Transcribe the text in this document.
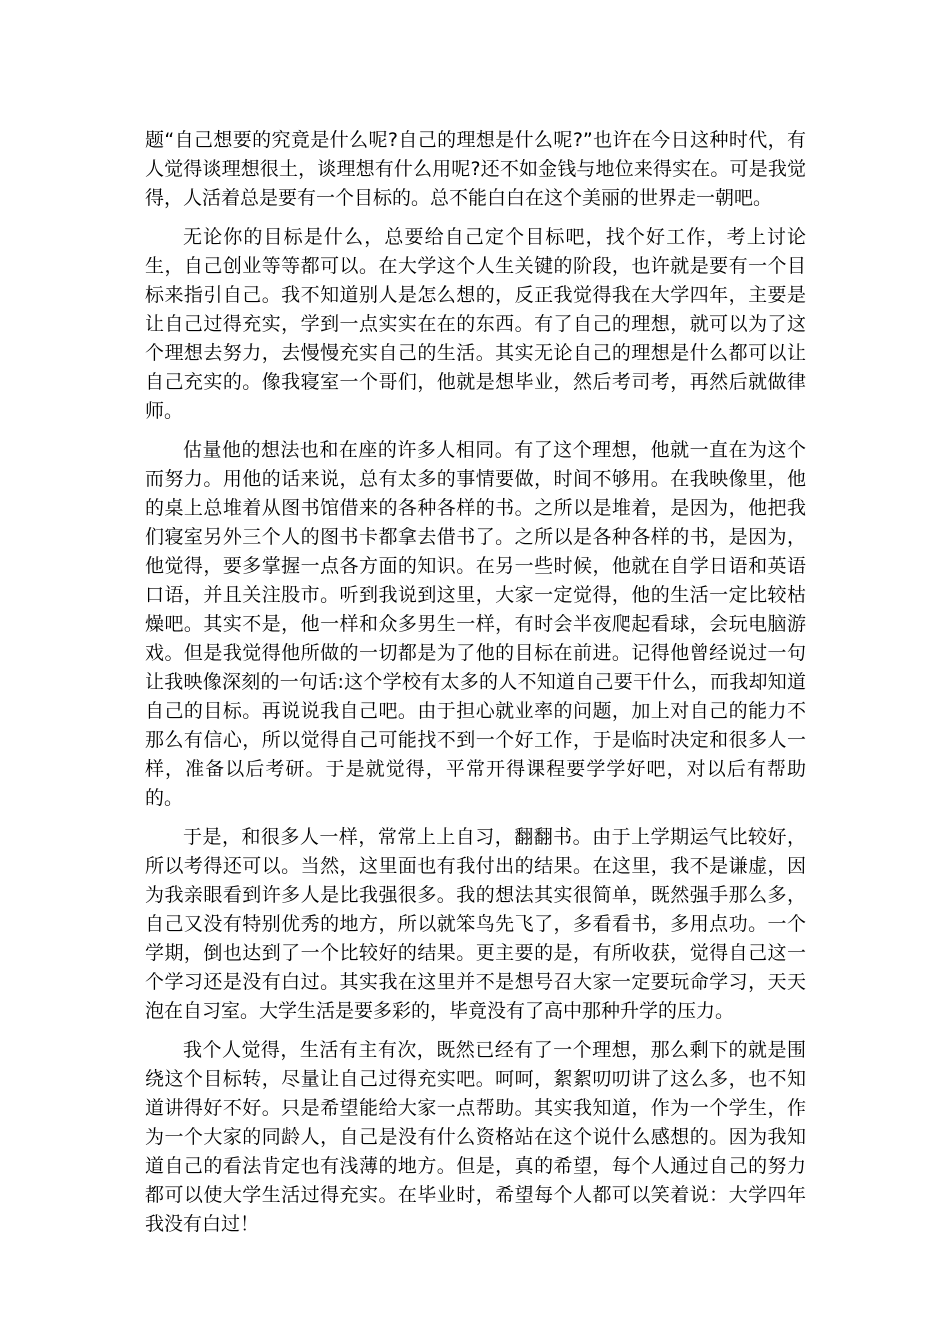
题“自己想要的究竟是什么呢?自己的理想是什么呢?”也许在今日这种时代，有人觉得谈理想很土，谈理想有什么用呢?还不如金钱与地位来得实在。可是我觉得，人活着总是要有一个目标的。总不能白白在这个美丽的世界走一朝吧。

无论你的目标是什么，总要给自己定个目标吧，找个好工作，考上讨论生，自己创业等等都可以。在大学这个人生关键的阶段，也许就是要有一个目标来指引自己。我不知道别人是怎么想的，反正我觉得我在大学四年，主要是让自己过得充实，学到一点实实在在的东西。有了自己的理想，就可以为了这个理想去努力，去慢慢充实自己的生活。其实无论自己的理想是什么都可以让自己充实的。像我寝室一个哥们，他就是想毕业，然后考司考，再然后就做律师。

估量他的想法也和在座的许多人相同。有了这个理想，他就一直在为这个而努力。用他的话来说，总有太多的事情要做，时间不够用。在我映像里，他的桌上总堆着从图书馆借来的各种各样的书。之所以是堆着，是因为，他把我们寝室另外三个人的图书卡都拿去借书了。之所以是各种各样的书，是因为，他觉得，要多掌握一点各方面的知识。在另一些时候，他就在自学日语和英语口语，并且关注股市。听到我说到这里，大家一定觉得，他的生活一定比较枯燥吧。其实不是，他一样和众多男生一样，有时会半夜爬起看球，会玩电脑游戏。但是我觉得他所做的一切都是为了他的目标在前进。记得他曾经说过一句让我映像深刻的一句话:这个学校有太多的人不知道自己要干什么，而我却知道自己的目标。再说说我自己吧。由于担心就业率的问题，加上对自己的能力不那么有信心，所以觉得自己可能找不到一个好工作，于是临时决定和很多人一样，准备以后考研。于是就觉得，平常开得课程要学学好吧，对以后有帮助的。

于是，和很多人一样，常常上上自习，翻翻书。由于上学期运气比较好，所以考得还可以。当然，这里面也有我付出的结果。在这里，我不是谦虚，因为我亲眼看到许多人是比我强很多。我的想法其实很简单，既然强手那么多，自己又没有特别优秀的地方，所以就笨鸟先飞了，多看看书，多用点功。一个学期，倒也达到了一个比较好的结果。更主要的是，有所收获，觉得自己这一个学习还是没有白过。其实我在这里并不是想号召大家一定要玩命学习，天天泡在自习室。大学生活是要多彩的，毕竟没有了高中那种升学的压力。

我个人觉得，生活有主有次，既然已经有了一个理想，那么剩下的就是围绕这个目标转，尽量让自己过得充实吧。呵呵，絮絮叨叨讲了这么多，也不知道讲得好不好。只是希望能给大家一点帮助。其实我知道，作为一个学生，作为一个大家的同龄人，自己是没有什么资格站在这个说什么感想的。因为我知道自己的看法肯定也有浅薄的地方。但是，真的希望，每个人通过自己的努力都可以使大学生活过得充实。在毕业时，希望每个人都可以笑着说：大学四年我没有白过！
